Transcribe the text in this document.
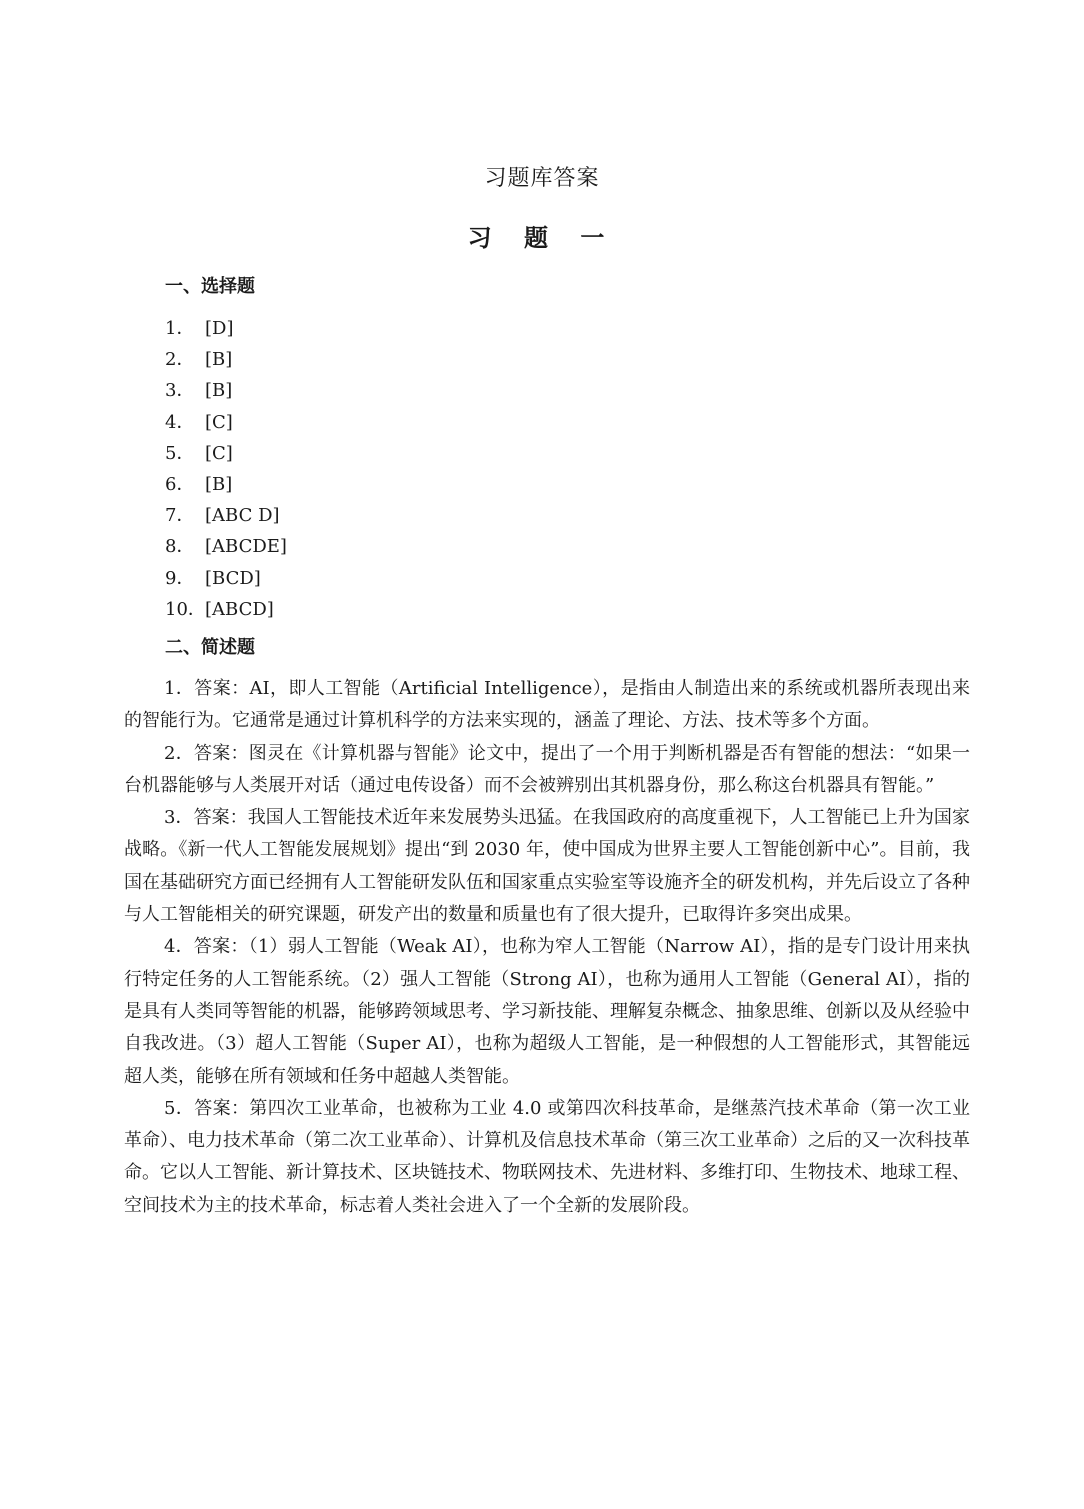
习题库答案
习 题 一
一、选择题
1． [D]
2． [B]
3． [B]
4． [C]
5． [C]
6． [B]
7． [ABC D]
8． [ABCDE]
9． [BCD]
10．[ABCD]
二、简述题

1．答案：AI，即人工智能（Artificial Intelligence），是指由人制造出来的系统或机器所表现出来的智能行为。它通常是通过计算机科学的方法来实现的，涵盖了理论、方法、技术等多个方面。

2．答案：图灵在《计算机器与智能》论文中，提出了一个用于判断机器是否有智能的想法：“如果一台机器能够与人类展开对话（通过电传设备）而不会被辨别出其机器身份，那么称这台机器具有智能。”

3．答案：我国人工智能技术近年来发展势头迅猛。在我国政府的高度重视下，人工智能已上升为国家战略。《新一代人工智能发展规划》提出“到 2030 年，使中国成为世界主要人工智能创新中心”。目前，我国在基础研究方面已经拥有人工智能研发队伍和国家重点实验室等设施齐全的研发机构，并先后设立了各种与人工智能相关的研究课题，研发产出的数量和质量也有了很大提升，已取得许多突出成果。

4．答案：（1）弱人工智能（Weak AI），也称为窄人工智能（Narrow AI），指的是专门设计用来执行特定任务的人工智能系统。（2）强人工智能（Strong AI），也称为通用人工智能（General AI），指的是具有人类同等智能的机器，能够跨领域思考、学习新技能、理解复杂概念、抽象思维、创新以及从经验中自我改进。（3）超人工智能（Super AI），也称为超级人工智能，是一种假想的人工智能形式，其智能远超人类，能够在所有领域和任务中超越人类智能。

5．答案：第四次工业革命，也被称为工业 4.0 或第四次科技革命，是继蒸汽技术革命（第一次工业革命）、电力技术革命（第二次工业革命）、计算机及信息技术革命（第三次工业革命）之后的又一次科技革命。它以人工智能、新计算技术、区块链技术、物联网技术、先进材料、多维打印、生物技术、地球工程、空间技术为主的技术革命，标志着人类社会进入了一个全新的发展阶段。
